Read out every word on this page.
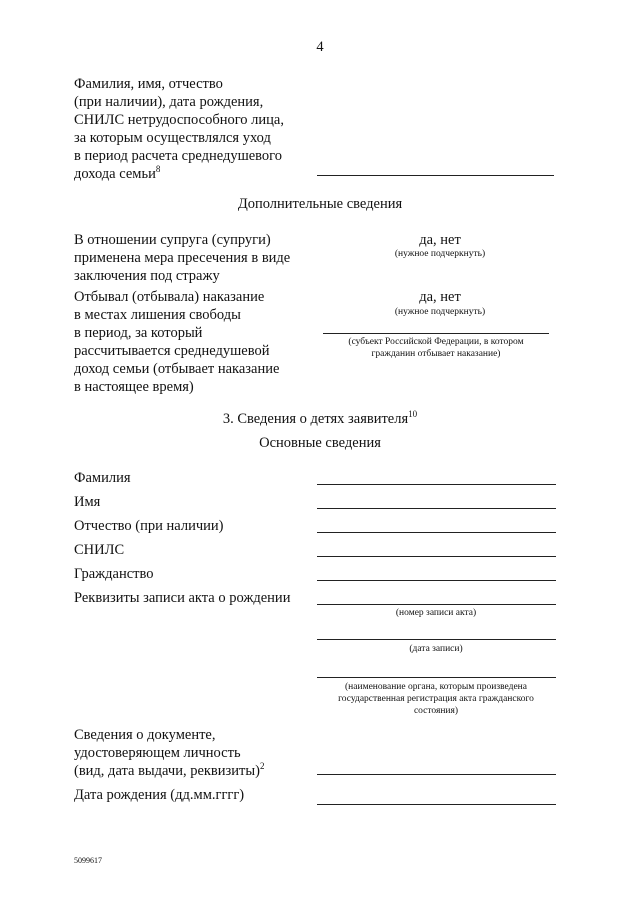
4
Фамилия, имя, отчество
(при наличии), дата рождения,
СНИЛС нетрудоспособного лица,
за которым осуществлялся уход
в период расчета среднедушевого
дохода семьи$^8$
Дополнительные сведения
В отношении супруга (супруги)
применена мера пресечения в виде
заключения под стражу
да, нет
(нужное подчеркнуть)
Отбывал (отбывала) наказание
в местах лишения свободы
в период, за который
рассчитывается среднедушевой
доход семьи (отбывает наказание
в настоящее время)
да, нет
(нужное подчеркнуть)
(субъект Российской Федерации, в котором
гражданин отбывает наказание)
3. Сведения о детях заявителя$^{10}$
Основные сведения
Фамилия
Имя
Отчество (при наличии)
СНИЛС
Гражданство
Реквизиты записи акта о рождении
(номер записи акта)
(дата записи)
(наименование органа, которым произведена
государственная регистрация акта гражданского
состояния)
Сведения о документе,
удостоверяющем личность
(вид, дата выдачи, реквизиты)$^2$
Дата рождения (дд.мм.гггг)
5099617
